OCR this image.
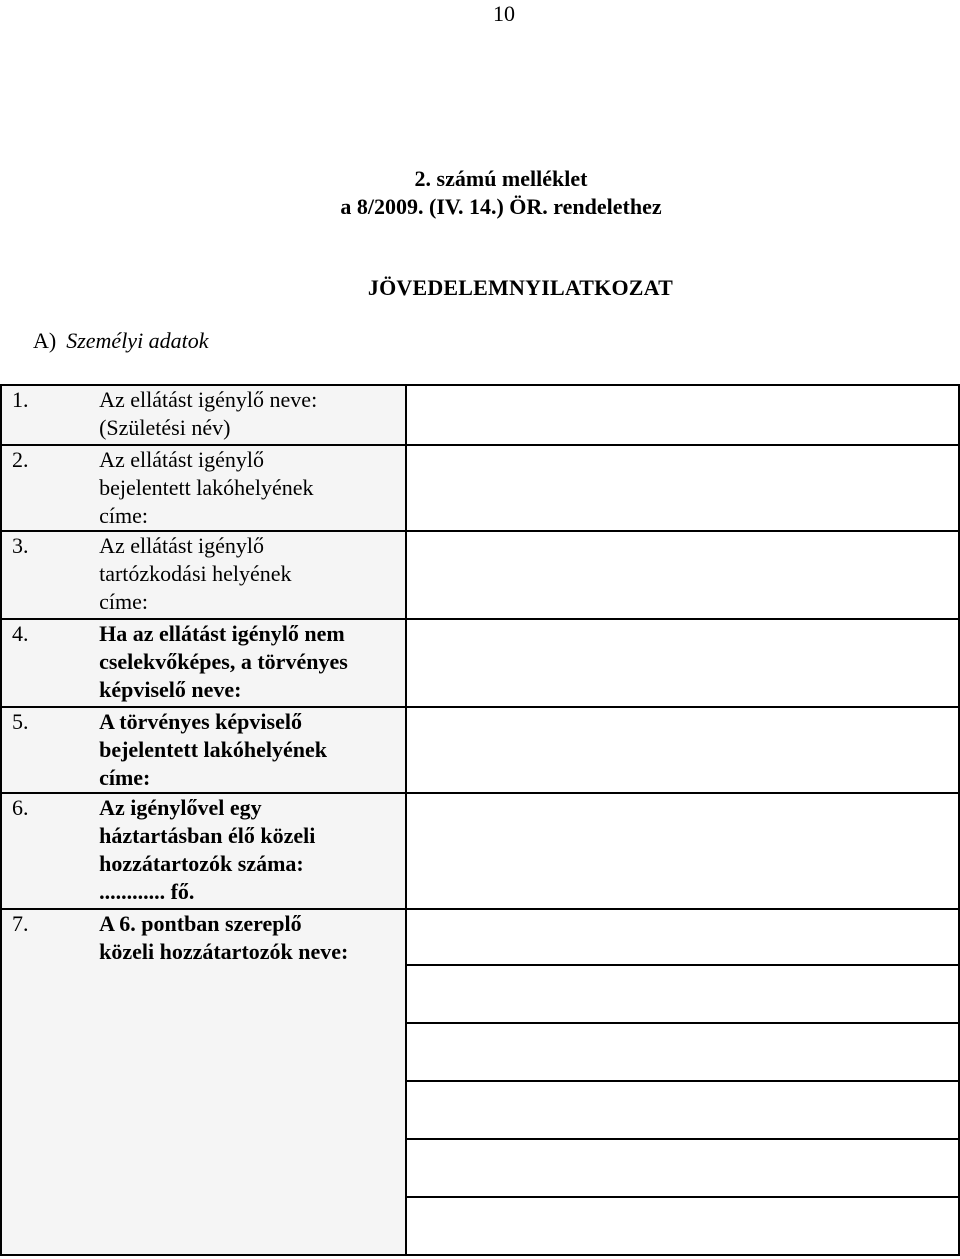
10
2. számú melléklet
a 8/2009. (IV. 14.) ÖR. rendelethez
JÖVEDELEMNYILATKOZAT
A) Személyi adatok
1.	Az ellátást igénylő neve:
(Születési név)	

2.	Az ellátást igénylő
bejelentett lakóhelyének
címe:	

3.	Az ellátást igénylő
tartózkodási helyének
címe:	

4.	Ha az ellátást igénylő nem
cselekvőképes, a törvényes
képviselő neve:	

5.	A törvényes képviselő
bejelentett lakóhelyének
címe:	

6.	Az igénylővel egy
háztartásban élő közeli
hozzátartozók száma:
............ fő.	

7.	A 6. pontban szereplő
közeli hozzátartozók neve:	
